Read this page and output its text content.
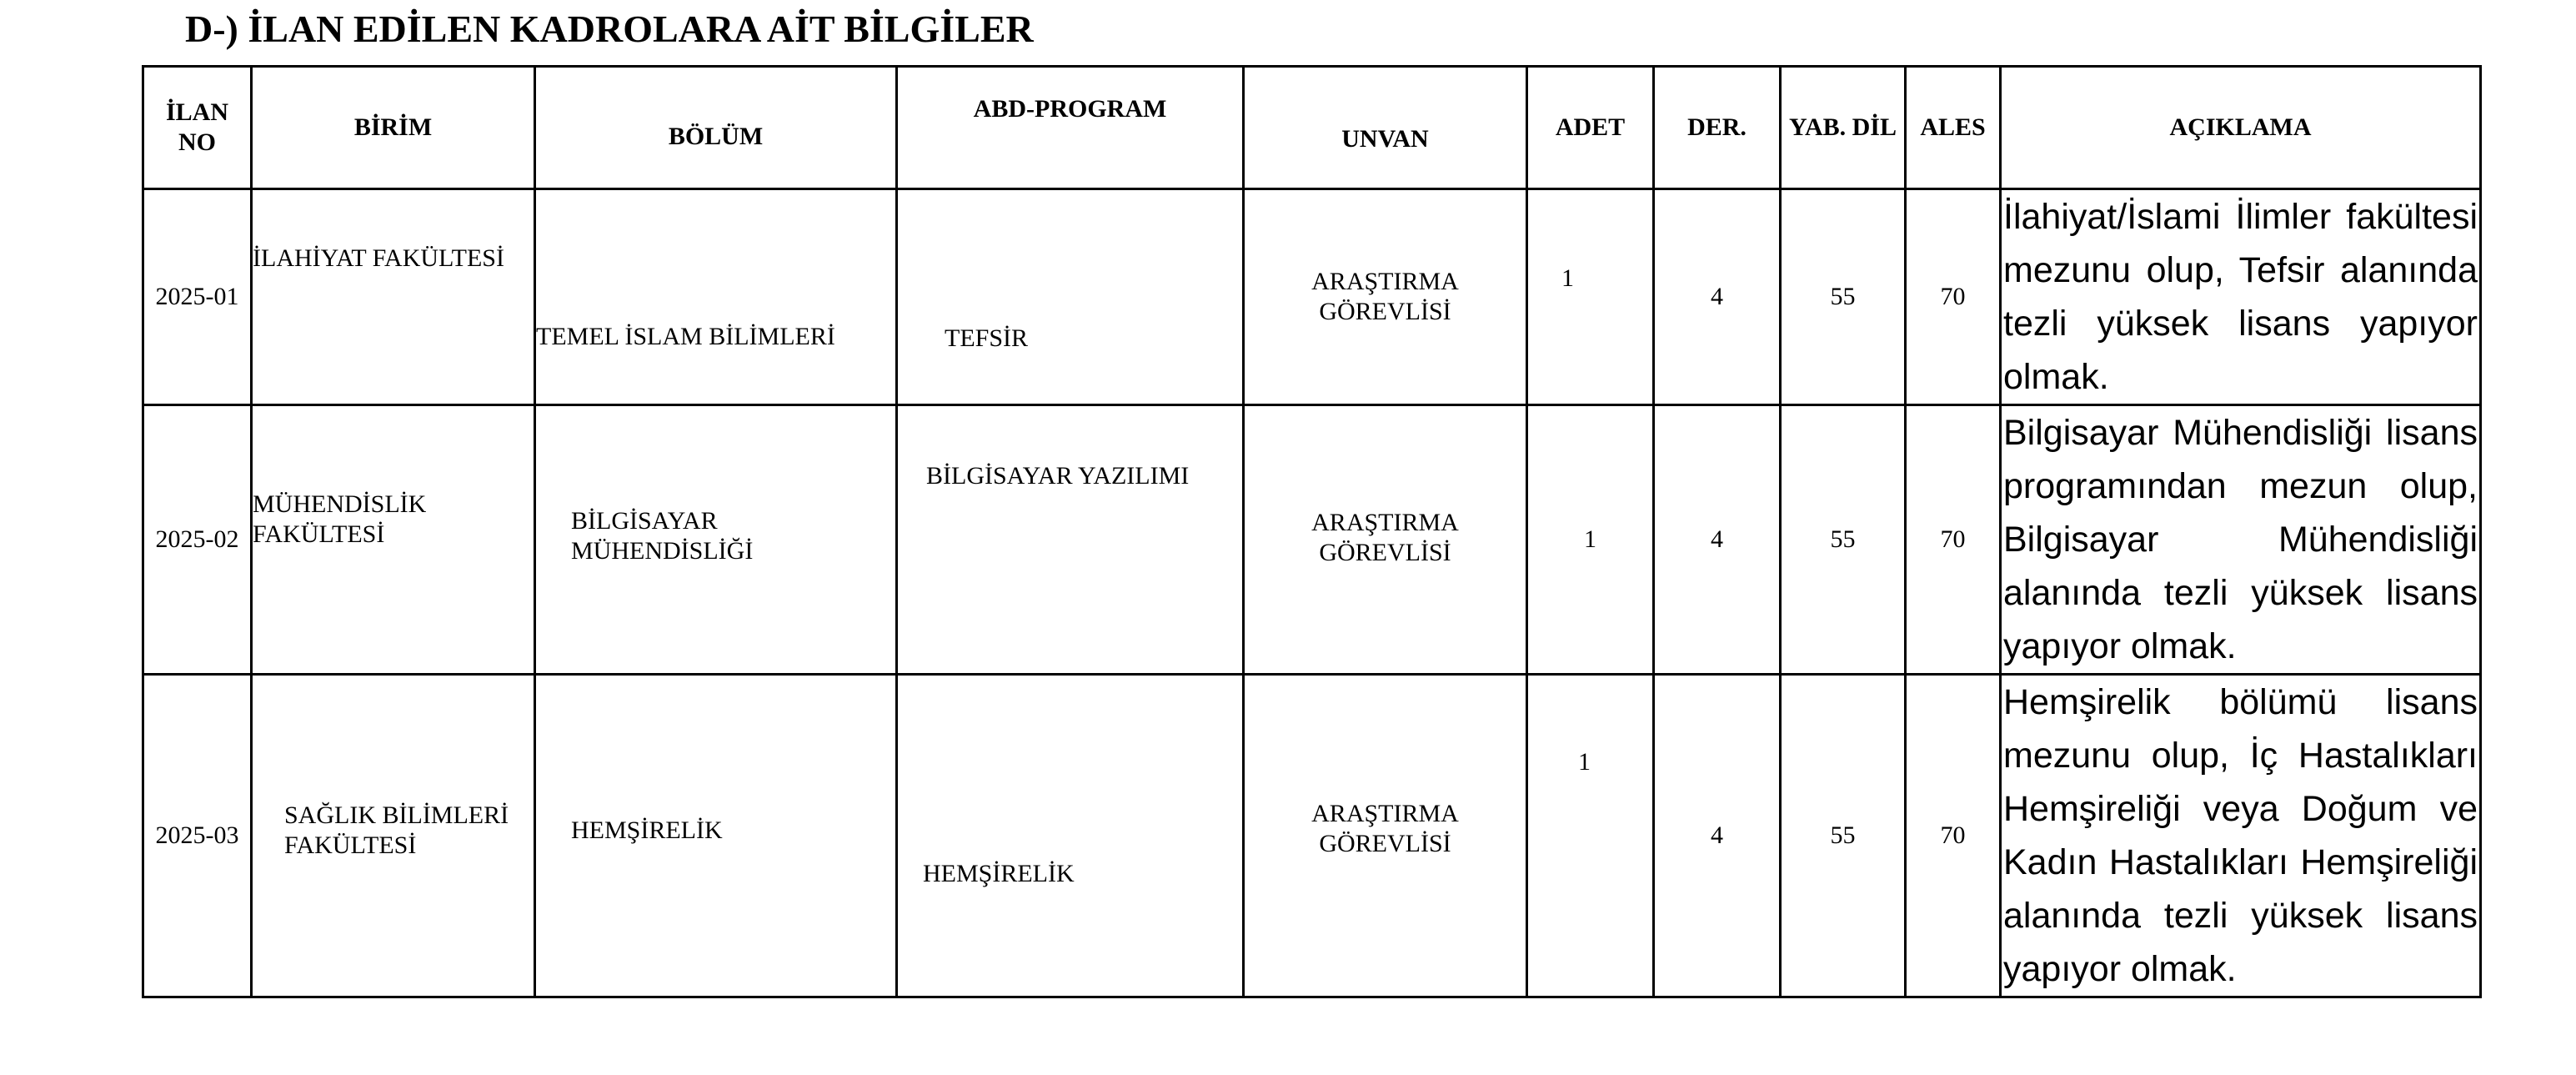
D-) İLAN EDİLEN KADROLARA AİT BİLGİLER
İLAN NO	BİRİM	BÖLÜM	ABD-PROGRAM	UNVAN	ADET	DER.	YAB. DİL	ALES	AÇIKLAMA
2025-01	İLAHİYAT FAKÜLTESİ	TEMEL İSLAM BİLİMLERİ	TEFSİR	ARAŞTIRMA GÖREVLİSİ	1	4	55	70	İlahiyat/İslami İlimler fakültesi mezunu olup, Tefsir alanında tezli yüksek lisans yapıyor olmak.
2025-02	MÜHENDİSLİK FAKÜLTESİ	BİLGİSAYAR MÜHENDİSLİĞİ	BİLGİSAYAR YAZILIMI	ARAŞTIRMA GÖREVLİSİ	1	4	55	70	Bilgisayar Mühendisliği lisans programından mezun olup, Bilgisayar Mühendisliği alanında tezli yüksek lisans yapıyor olmak.
2025-03	SAĞLIK BİLİMLERİ FAKÜLTESİ	HEMŞİRELİK	HEMŞİRELİK	ARAŞTIRMA GÖREVLİSİ	1	4	55	70	Hemşirelik bölümü lisans mezunu olup, İç Hastalıkları Hemşireliği veya Doğum ve Kadın Hastalıkları Hemşireliği alanında tezli yüksek lisans yapıyor olmak.
